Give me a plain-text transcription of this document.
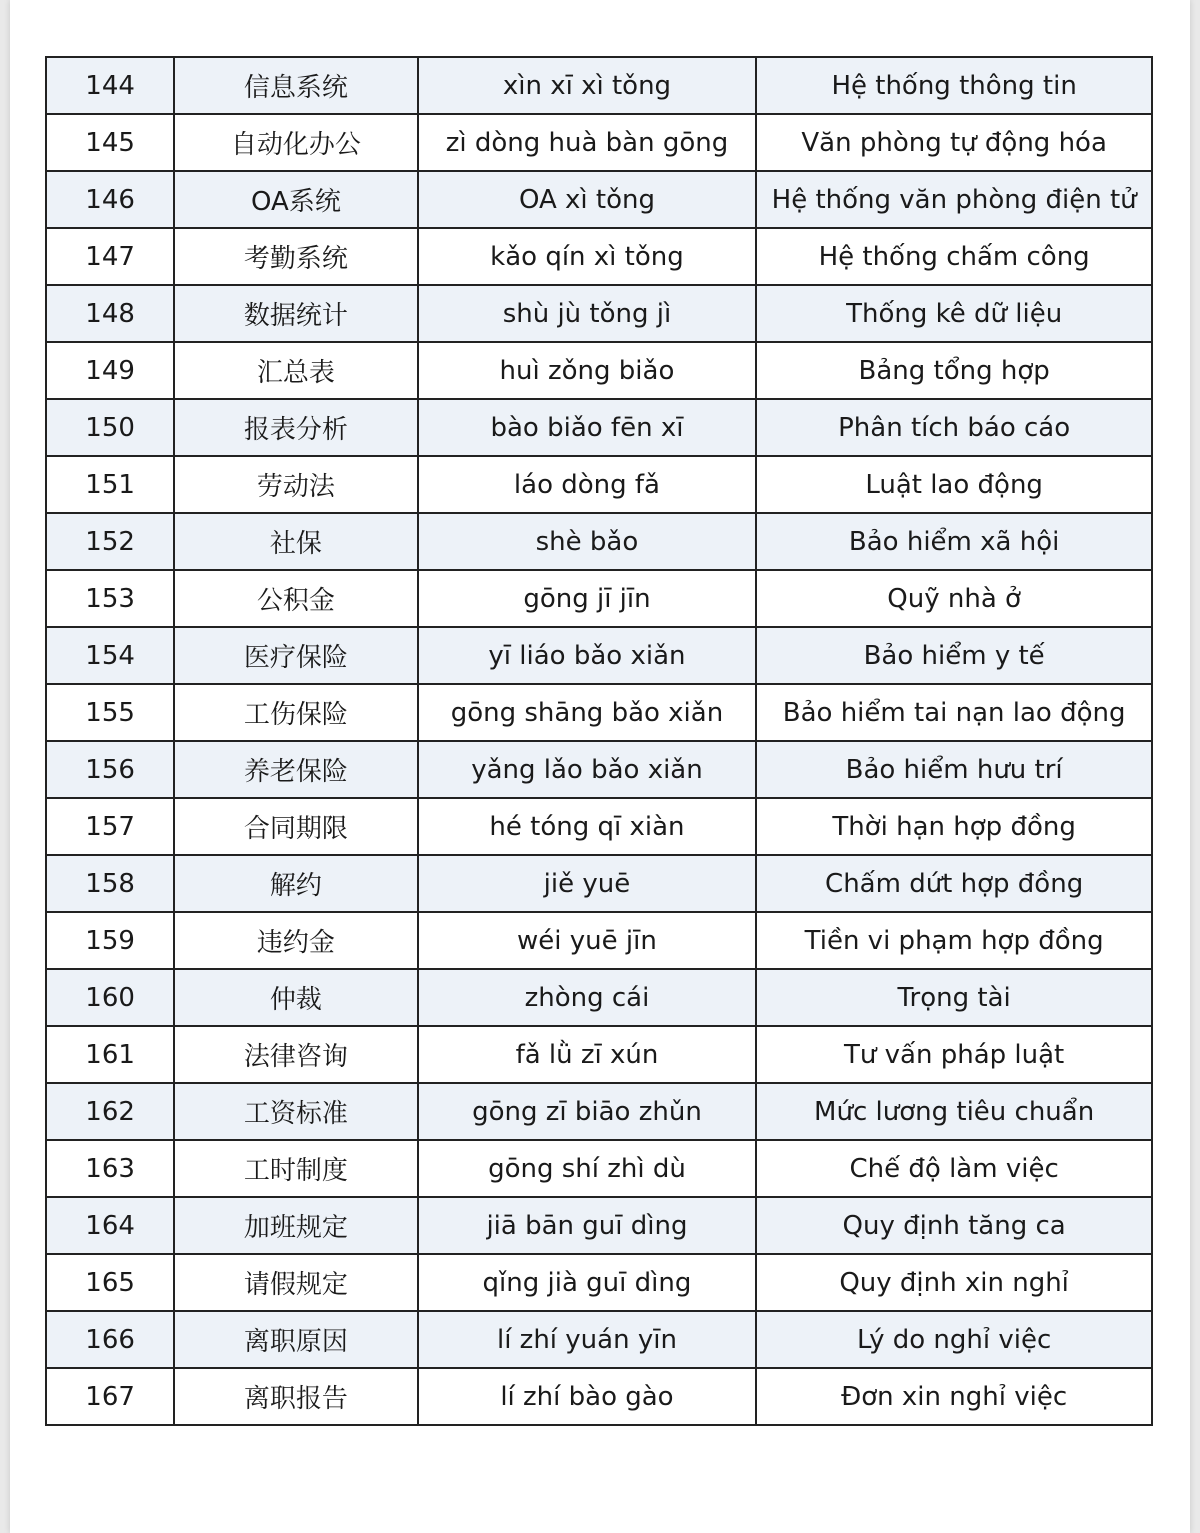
144	信息系统	xìn xī xì tǒng	Hệ thống thông tin
145	自动化办公	zì dòng huà bàn gōng	Văn phòng tự động hóa
146	OA系统	OA xì tǒng	Hệ thống văn phòng điện tử
147	考勤系统	kǎo qín xì tǒng	Hệ thống chấm công
148	数据统计	shù jù tǒng jì	Thống kê dữ liệu
149	汇总表	huì zǒng biǎo	Bảng tổng hợp
150	报表分析	bào biǎo fēn xī	Phân tích báo cáo
151	劳动法	láo dòng fǎ	Luật lao động
152	社保	shè bǎo	Bảo hiểm xã hội
153	公积金	gōng jī jīn	Quỹ nhà ở
154	医疗保险	yī liáo bǎo xiǎn	Bảo hiểm y tế
155	工伤保险	gōng shāng bǎo xiǎn	Bảo hiểm tai nạn lao động
156	养老保险	yǎng lǎo bǎo xiǎn	Bảo hiểm hưu trí
157	合同期限	hé tóng qī xiàn	Thời hạn hợp đồng
158	解约	jiě yuē	Chấm dứt hợp đồng
159	违约金	wéi yuē jīn	Tiền vi phạm hợp đồng
160	仲裁	zhòng cái	Trọng tài
161	法律咨询	fǎ lǜ zī xún	Tư vấn pháp luật
162	工资标准	gōng zī biāo zhǔn	Mức lương tiêu chuẩn
163	工时制度	gōng shí zhì dù	Chế độ làm việc
164	加班规定	jiā bān guī dìng	Quy định tăng ca
165	请假规定	qǐng jià guī dìng	Quy định xin nghỉ
166	离职原因	lí zhí yuán yīn	Lý do nghỉ việc
167	离职报告	lí zhí bào gào	Đơn xin nghỉ việc
